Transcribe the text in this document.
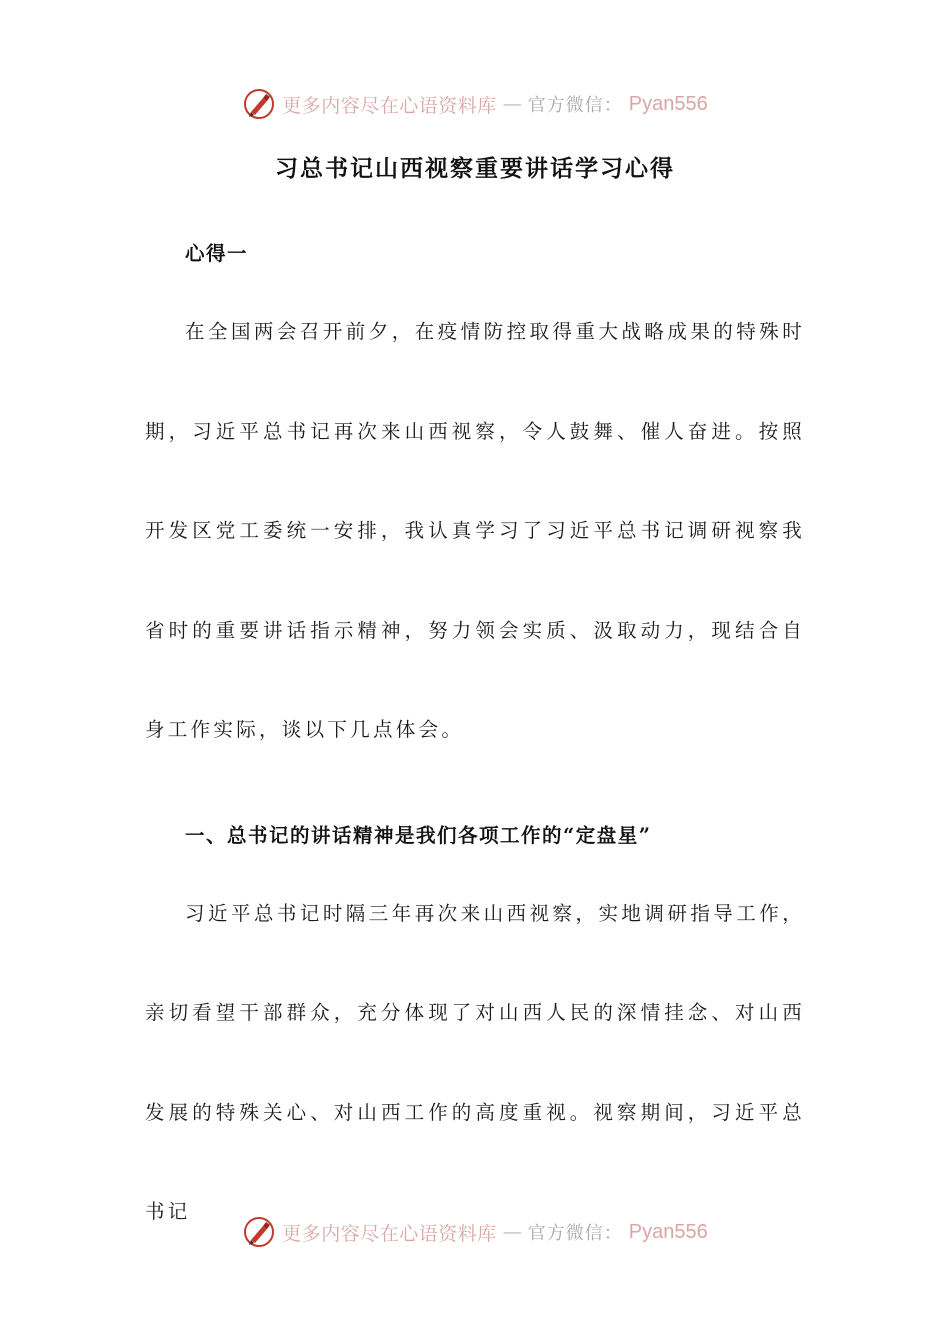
更多内容尽在心语资料库 — 官方微信： Pyan556
习总书记山西视察重要讲话学习心得

心得一

在全国两会召开前夕，在疫情防控取得重大战略成果的特殊时期，习近平总书记再次来山西视察，令人鼓舞、催人奋进。按照开发区党工委统一安排，我认真学习了习近平总书记调研视察我省时的重要讲话指示精神，努力领会实质、汲取动力，现结合自身工作实际，谈以下几点体会。

一、总书记的讲话精神是我们各项工作的“定盘星”

习近平总书记时隔三年再次来山西视察，实地调研指导工作，亲切看望干部群众，充分体现了对山西人民的深情挂念、对山西发展的特殊关心、对山西工作的高度重视。视察期间，习近平总书记

更多内容尽在心语资料库 — 官方微信： Pyan556
